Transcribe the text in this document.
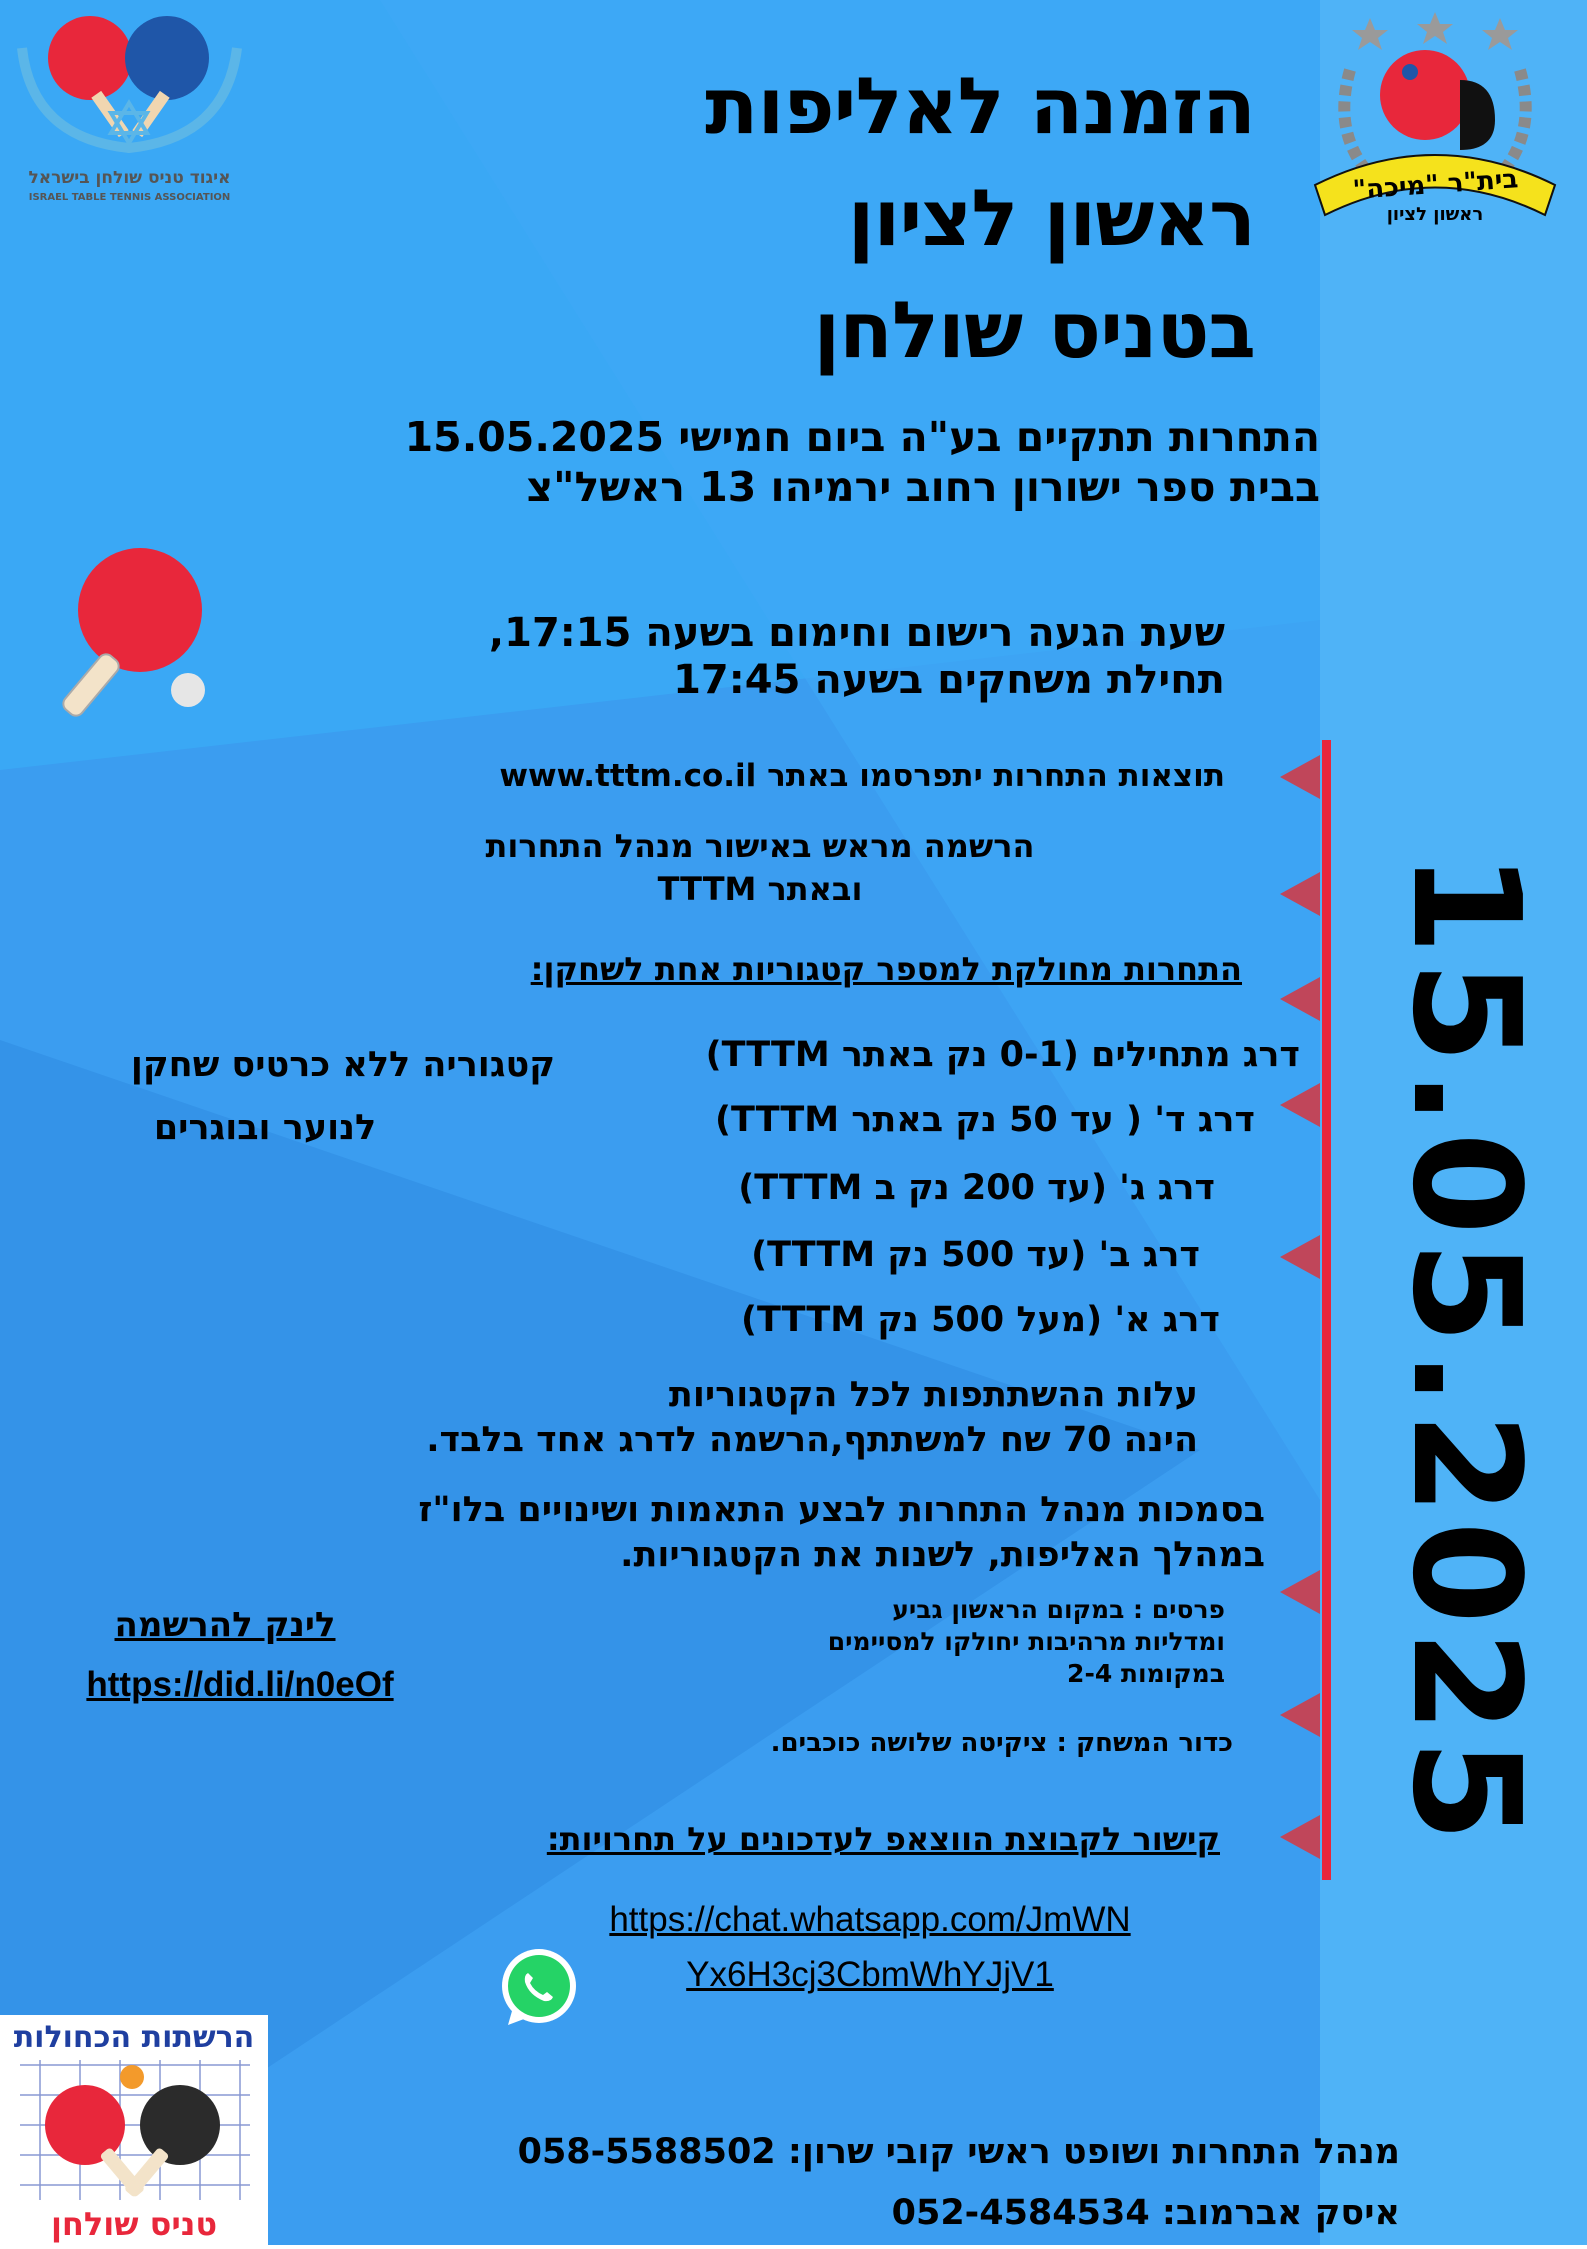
איגוד טניס שולחן בישראל
ISRAEL TABLE TENNIS ASSOCIATION	בית"ר "מיכה"
ראשון לציון
הזמנה לאליפות
ראשון לציון
בטניס שולחן
התחרות תתקיים בע"ה ביום חמישי 15.05.2025
בבית ספר ישורון רחוב ירמיהו 13 ראשל"צ
שעת הגעה רישום וחימום בשעה 17:15,
תחילת משחקים בשעה 17:45
תוצאות התחרות יתפרסמו באתר www.tttm.co.il
הרשמה מראש באישור מנהל התחרות
ובאתר TTTM
התחרות מחולקת למספר קטגוריות אחת לשחקן:
דרג מתחילים (0-1 נק באתר TTTM)
דרג ד' ( עד 50 נק באתר TTTM)
דרג ג' (עד 200 נק ב TTTM)
דרג ב' (עד 500 נק TTTM)
דרג א' (מעל 500 נק TTTM)
קטגוריה ללא כרטיס שחקן
לנוער ובוגרים
עלות ההשתתפות לכל הקטגוריות
הינה 70 שח למשתתף,הרשמה לדרג אחד בלבד.
בסמכות מנהל התחרות לבצע התאמות ושינויים בלו"ז
במהלך האליפות, לשנות את הקטגוריות.
לינק להרשמה
https://did.li/n0eOf
פרסים : במקום הראשון גביע
ומדליות מרהיבות יחולקו למסיימים
במקומות 2-4
כדור המשחק : ציקיטה שלושה כוכבים.
קישור לקבוצת הווצאפ לעדכונים על תחרויות:
https://chat.whatsapp.com/JmWN
Yx6H3cj3CbmWhYJjV1
15.05.2025
הרשתות הכחולות
טניס שולחן
מנהל התחרות ושופט ראשי קובי שרון: 058-5588502
איסק אברמוב: 052-4584534
